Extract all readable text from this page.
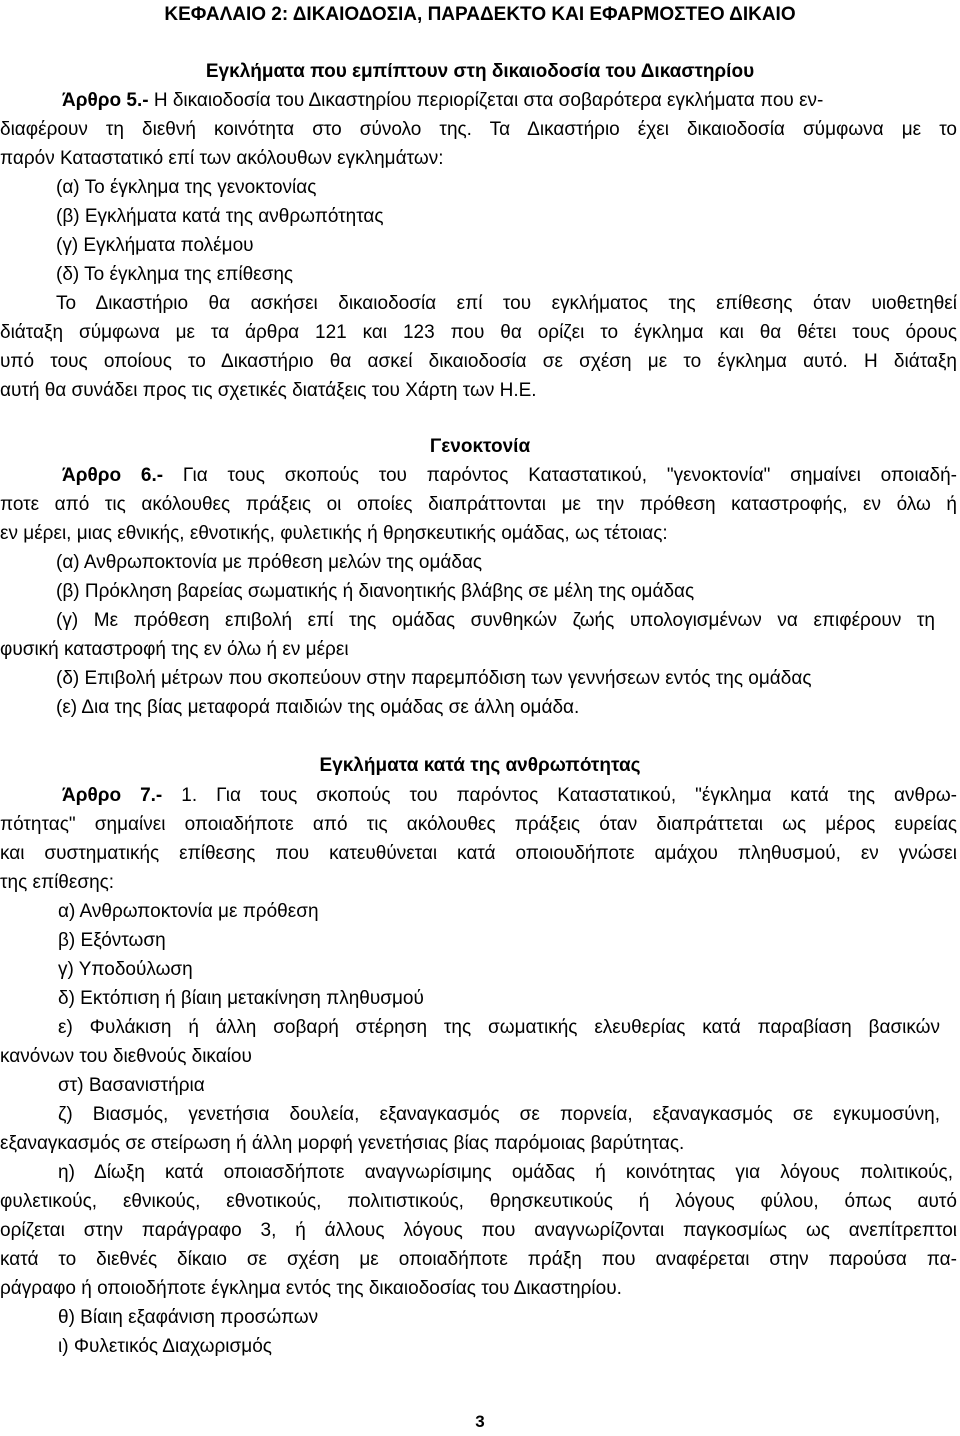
ΚΕΦΑΛΑΙΟ 2: ΔΙΚΑΙΟΔΟΣΙΑ, ΠΑΡΑΔΕΚΤΟ ΚΑΙ ΕΦΑΡΜΟΣΤΕΟ ΔΙΚΑΙΟ
Εγκλήματα που εμπίπτουν στη δικαιοδοσία του Δικαστηρίου
Άρθρο 5.- Η δικαιοδοσία του Δικαστηρίου περιορίζεται στα σοβαρότερα εγκλήματα που εν-
διαφέρουν τη διεθνή κοινότητα στο σύνολο της. Τα Δικαστήριο έχει δικαιοδοσία σύμφωνα με το
παρόν Καταστατικό επί των ακόλουθων εγκλημάτων:
(α) Το έγκλημα της γενοκτονίας
(β) Εγκλήματα κατά της ανθρωπότητας
(γ) Εγκλήματα πολέμου
(δ) Το έγκλημα της επίθεσης
Το Δικαστήριο θα ασκήσει δικαιοδοσία επί του εγκλήματος της επίθεσης όταν υιοθετηθεί
διάταξη σύμφωνα με τα άρθρα 121 και 123 που θα ορίζει το έγκλημα και θα θέτει τους όρους
υπό τους οποίους το Δικαστήριο θα ασκεί δικαιοδοσία σε σχέση με το έγκλημα αυτό. Η διάταξη
αυτή θα συνάδει προς τις σχετικές διατάξεις του Χάρτη των Η.Ε.
Γενοκτονία
Άρθρο 6.- Για τους σκοπούς του παρόντος Καταστατικού, "γενοκτονία" σημαίνει οποιαδή-
ποτε από τις ακόλουθες πράξεις οι οποίες διαπράττονται με την πρόθεση καταστροφής, εν όλω ή
εν μέρει, μιας εθνικής, εθνοτικής, φυλετικής ή θρησκευτικής ομάδας, ως τέτοιας:
(α) Ανθρωποκτονία με πρόθεση μελών της ομάδας
(β) Πρόκληση βαρείας σωματικής ή διανοητικής βλάβης σε μέλη της ομάδας
(γ) Με πρόθεση επιβολή επί της ομάδας συνθηκών ζωής υπολογισμένων να επιφέρουν τη
φυσική καταστροφή της εν όλω ή εν μέρει
(δ) Επιβολή μέτρων που σκοπεύουν στην παρεμπόδιση των γεννήσεων εντός της ομάδας
(ε) Δια της βίας μεταφορά παιδιών της ομάδας σε άλλη ομάδα.
Εγκλήματα κατά της ανθρωπότητας
Άρθρο 7.- 1. Για τους σκοπούς του παρόντος Καταστατικού, "έγκλημα κατά της ανθρω-
πότητας" σημαίνει οποιαδήποτε από τις ακόλουθες πράξεις όταν διαπράττεται ως μέρος ευρείας
και συστηματικής επίθεσης που κατευθύνεται κατά οποιουδήποτε αμάχου πληθυσμού, εν γνώσει
της επίθεσης:
α) Ανθρωποκτονία με πρόθεση
β) Εξόντωση
γ) Υποδούλωση
δ) Εκτόπιση ή βίαιη μετακίνηση πληθυσμού
ε) Φυλάκιση ή άλλη σοβαρή στέρηση της σωματικής ελευθερίας κατά παραβίαση βασικών
κανόνων του διεθνούς δικαίου
στ) Βασανιστήρια
ζ) Βιασμός, γενετήσια δουλεία, εξαναγκασμός σε πορνεία, εξαναγκασμός σε εγκυμοσύνη,
εξαναγκασμός σε στείρωση ή άλλη μορφή γενετήσιας βίας παρόμοιας βαρύτητας.
η) Δίωξη κατά οποιασδήποτε αναγνωρίσιμης ομάδας ή κοινότητας για λόγους πολιτικούς,
φυλετικούς, εθνικούς, εθνοτικούς, πολιτιστικούς, θρησκευτικούς ή λόγους φύλου, όπως αυτό
ορίζεται στην παράγραφο 3, ή άλλους λόγους που αναγνωρίζονται παγκοσμίως ως ανεπίτρεπτοι
κατά το διεθνές δίκαιο σε σχέση με οποιαδήποτε πράξη που αναφέρεται στην παρούσα πα-
ράγραφο ή οποιοδήποτε έγκλημα εντός της δικαιοδοσίας του Δικαστηρίου.
θ) Βίαιη εξαφάνιση προσώπων
ι) Φυλετικός Διαχωρισμός
3
